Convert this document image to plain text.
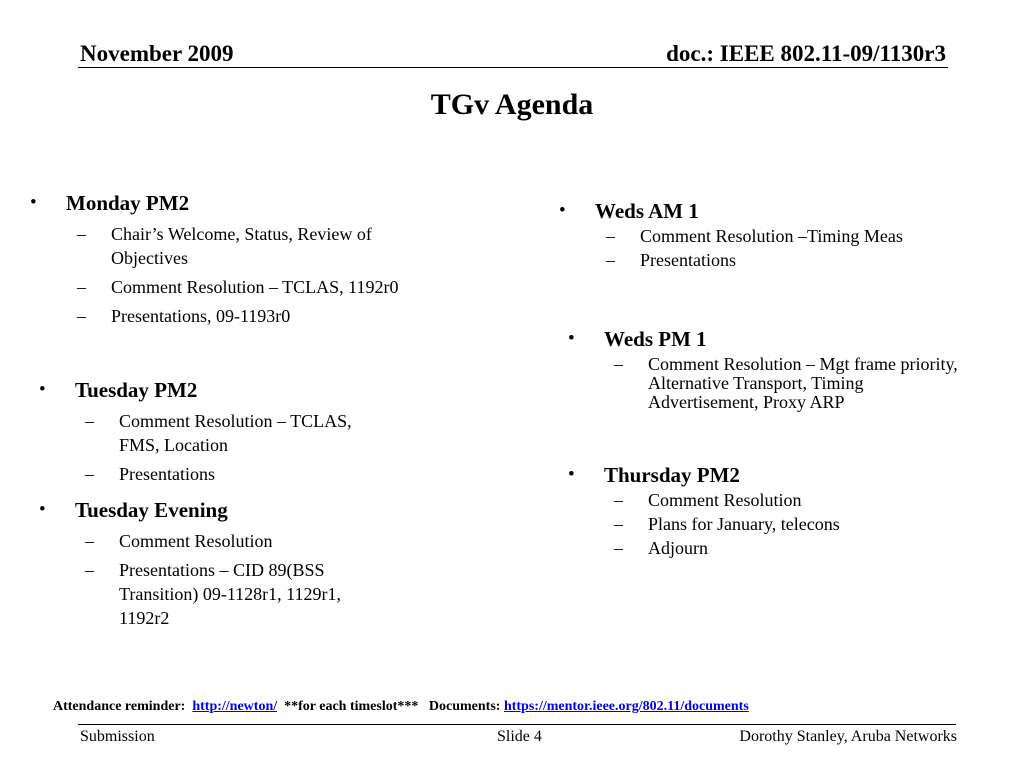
November 2009	doc.: IEEE 802.11-09/1130r3
TGv Agenda
• Monday PM2
– Chair’s Welcome, Status, Review of Objectives
– Comment Resolution – TCLAS, 1192r0
– Presentations, 09-1193r0
• Tuesday PM2
– Comment Resolution – TCLAS, FMS, Location
– Presentations
• Tuesday Evening
– Comment Resolution
– Presentations – CID 89(BSS Transition) 09-1128r1, 1129r1, 1192r2
• Weds AM 1
– Comment Resolution –Timing Meas
– Presentations
• Weds PM 1
– Comment Resolution – Mgt frame priority, Alternative Transport, Timing Advertisement, Proxy ARP
• Thursday PM2
– Comment Resolution
– Plans for January, telecons
– Adjourn
Attendance reminder: http://newton/ **for each timeslot*** Documents: https://mentor.ieee.org/802.11/documents
Submission	Slide 4	Dorothy Stanley, Aruba Networks
